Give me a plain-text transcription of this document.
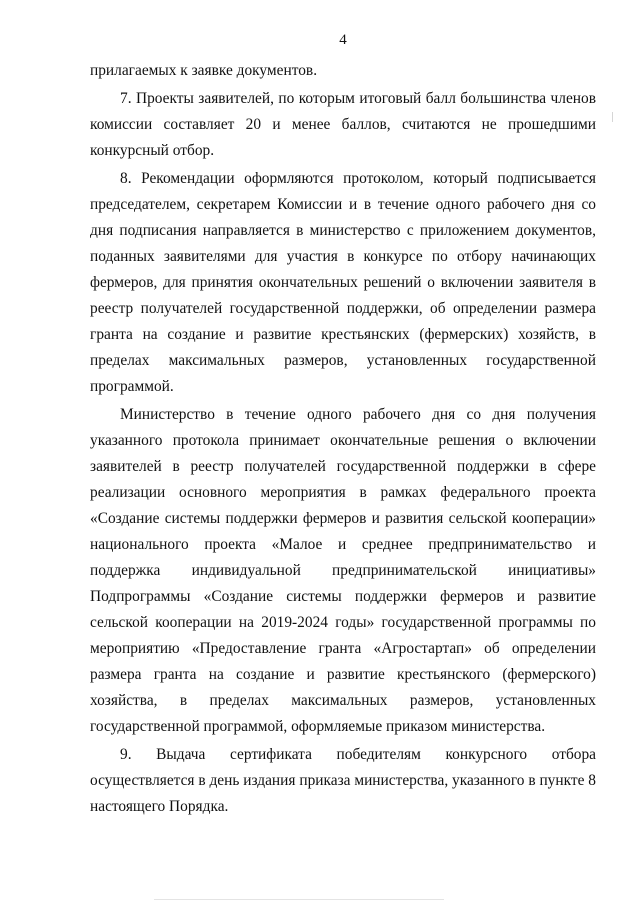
4

прилагаемых к заявке документов.

7. Проекты заявителей, по которым итоговый балл большинства членов комиссии составляет 20 и менее баллов, считаются не прошедшими конкурсный отбор.

8. Рекомендации оформляются протоколом, который подписывается председателем, секретарем Комиссии и в течение одного рабочего дня со дня подписания направляется в министерство с приложением документов, поданных заявителями для участия в конкурсе по отбору начинающих фермеров, для принятия окончательных решений о включении заявителя в реестр получателей государственной поддержки, об определении размера гранта на создание и развитие крестьянских (фермерских) хозяйств, в пределах максимальных размеров, установленных государственной программой.

Министерство в течение одного рабочего дня со дня получения указанного протокола принимает окончательные решения о включении заявителей в реестр получателей государственной поддержки в сфере реализации основного мероприятия в рамках федерального проекта «Создание системы поддержки фермеров и развития сельской кооперации» национального проекта «Малое и среднее предпринимательство и поддержка индивидуальной предпринимательской инициативы» Подпрограммы «Создание системы поддержки фермеров и развитие сельской кооперации на 2019-2024 годы» государственной программы по мероприятию «Предоставление гранта «Агростартап» об определении размера гранта на создание и развитие крестьянского (фермерского) хозяйства, в пределах максимальных размеров, установленных государственной программой, оформляемые приказом министерства.

9. Выдача сертификата победителям конкурсного отбора осуществляется в день издания приказа министерства, указанного в пункте 8 настоящего Порядка.
